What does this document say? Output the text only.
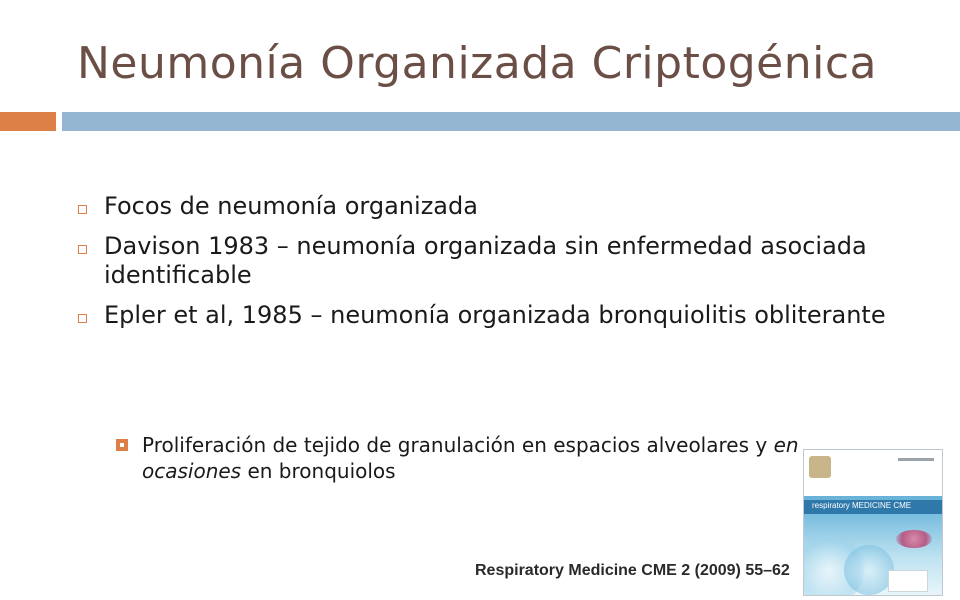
Neumonía Organizada Criptogénica
Focos de neumonía organizada
Davison 1983 – neumonía organizada sin enfermedad asociada identificable
Epler et al, 1985 – neumonía organizada bronquiolitis obliterante
Proliferación de tejido de granulación en espacios alveolares y en ocasiones en bronquiolos
Respiratory Medicine CME 2 (2009) 55–62
respiratory MEDICINE CME
